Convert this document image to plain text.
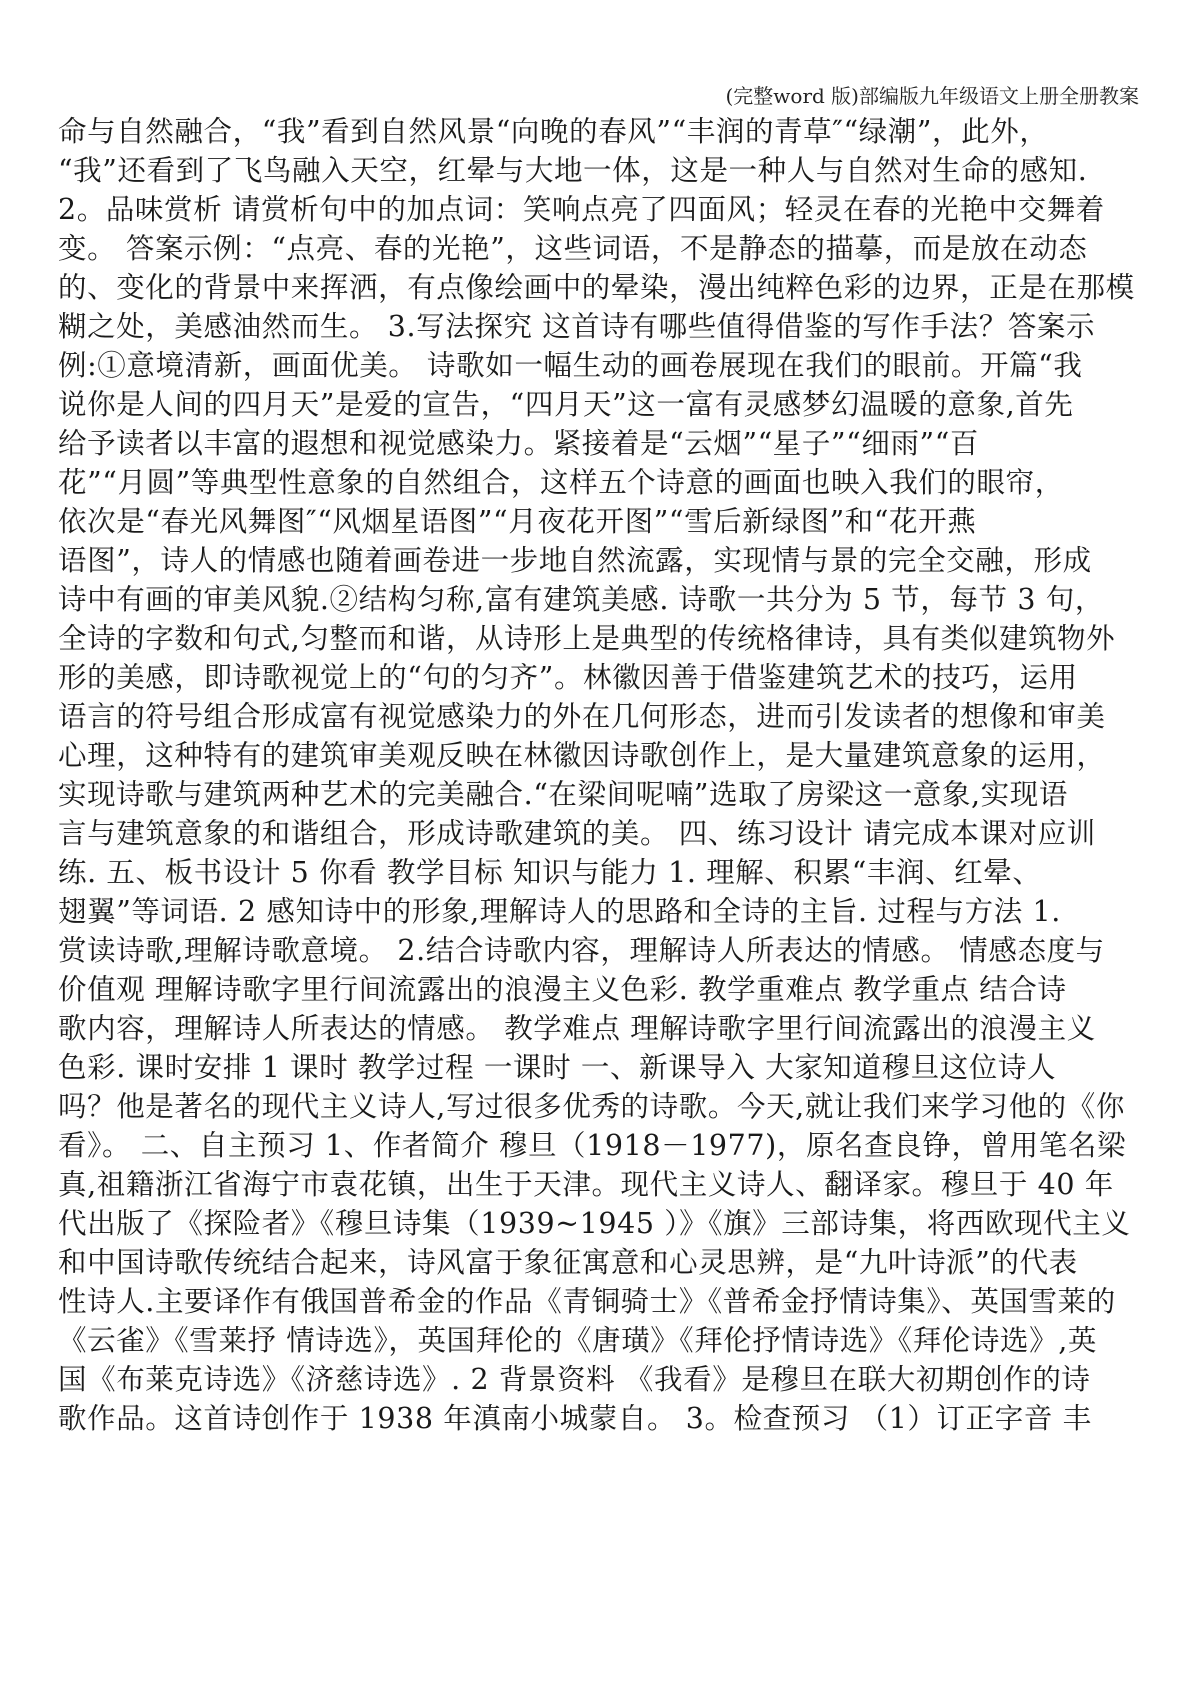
(完整word 版)部编版九年级语文上册全册教案
命与自然融合，“我”看到自然风景“向晚的春风”“丰润的青草″“绿潮”，此外，
“我”还看到了飞鸟融入天空，红晕与大地一体，这是一种人与自然对生命的感知.
2。品味赏析 请赏析句中的加点词：笑响点亮了四面风；轻灵在春的光艳中交舞着
变。 答案示例：“点亮、春的光艳”，这些词语，不是静态的描摹，而是放在动态
的、变化的背景中来挥洒，有点像绘画中的晕染，漫出纯粹色彩的边界，正是在那模
糊之处，美感油然而生。 3.写法探究 这首诗有哪些值得借鉴的写作手法？答案示
例:①意境清新，画面优美。 诗歌如一幅生动的画卷展现在我们的眼前。开篇“我
说你是人间的四月天”是爱的宣告，“四月天”这一富有灵感梦幻温暖的意象,首先
给予读者以丰富的遐想和视觉感染力。紧接着是“云烟”“星子”“细雨”“百
花”“月圆”等典型性意象的自然组合，这样五个诗意的画面也映入我们的眼帘，
依次是“春光风舞图″“风烟星语图”“月夜花开图”“雪后新绿图”和“花开燕
语图”，诗人的情感也随着画卷进一步地自然流露，实现情与景的完全交融，形成
诗中有画的审美风貌.②结构匀称,富有建筑美感. 诗歌一共分为 5 节，每节 3 句，
全诗的字数和句式,匀整而和谐，从诗形上是典型的传统格律诗，具有类似建筑物外
形的美感，即诗歌视觉上的“句的匀齐”。林徽因善于借鉴建筑艺术的技巧，运用
语言的符号组合形成富有视觉感染力的外在几何形态，进而引发读者的想像和审美
心理，这种特有的建筑审美观反映在林徽因诗歌创作上，是大量建筑意象的运用，
实现诗歌与建筑两种艺术的完美融合.“在梁间呢喃”选取了房梁这一意象,实现语
言与建筑意象的和谐组合，形成诗歌建筑的美。 四、练习设计 请完成本课对应训
练. 五、板书设计 5 你看 教学目标 知识与能力 1. 理解、积累“丰润、红晕、
翅翼”等词语. 2 感知诗中的形象,理解诗人的思路和全诗的主旨. 过程与方法 1.
赏读诗歌,理解诗歌意境。 2.结合诗歌内容，理解诗人所表达的情感。 情感态度与
价值观 理解诗歌字里行间流露出的浪漫主义色彩. 教学重难点 教学重点 结合诗
歌内容，理解诗人所表达的情感。 教学难点 理解诗歌字里行间流露出的浪漫主义
色彩. 课时安排 1 课时 教学过程 一课时 一、新课导入 大家知道穆旦这位诗人
吗？他是著名的现代主义诗人,写过很多优秀的诗歌。今天,就让我们来学习他的《你
看》。 二、自主预习 1、作者简介 穆旦（1918－1977)，原名查良铮，曾用笔名梁
真,祖籍浙江省海宁市袁花镇，出生于天津。现代主义诗人、翻译家。穆旦于 40 年
代出版了《探险者》《穆旦诗集（1939~1945 ）》《旗》三部诗集，将西欧现代主义
和中国诗歌传统结合起来，诗风富于象征寓意和心灵思辨，是“九叶诗派”的代表
性诗人.主要译作有俄国普希金的作品《青铜骑士》《普希金抒情诗集》、英国雪莱的
《云雀》《雪莱抒 情诗选》，英国拜伦的《唐璜》《拜伦抒情诗选》《拜伦诗选》,英
国《布莱克诗选》《济慈诗选》. 2 背景资料 《我看》是穆旦在联大初期创作的诗
歌作品。这首诗创作于 1938 年滇南小城蒙自。 3。检查预习 （1）订正字音 丰
